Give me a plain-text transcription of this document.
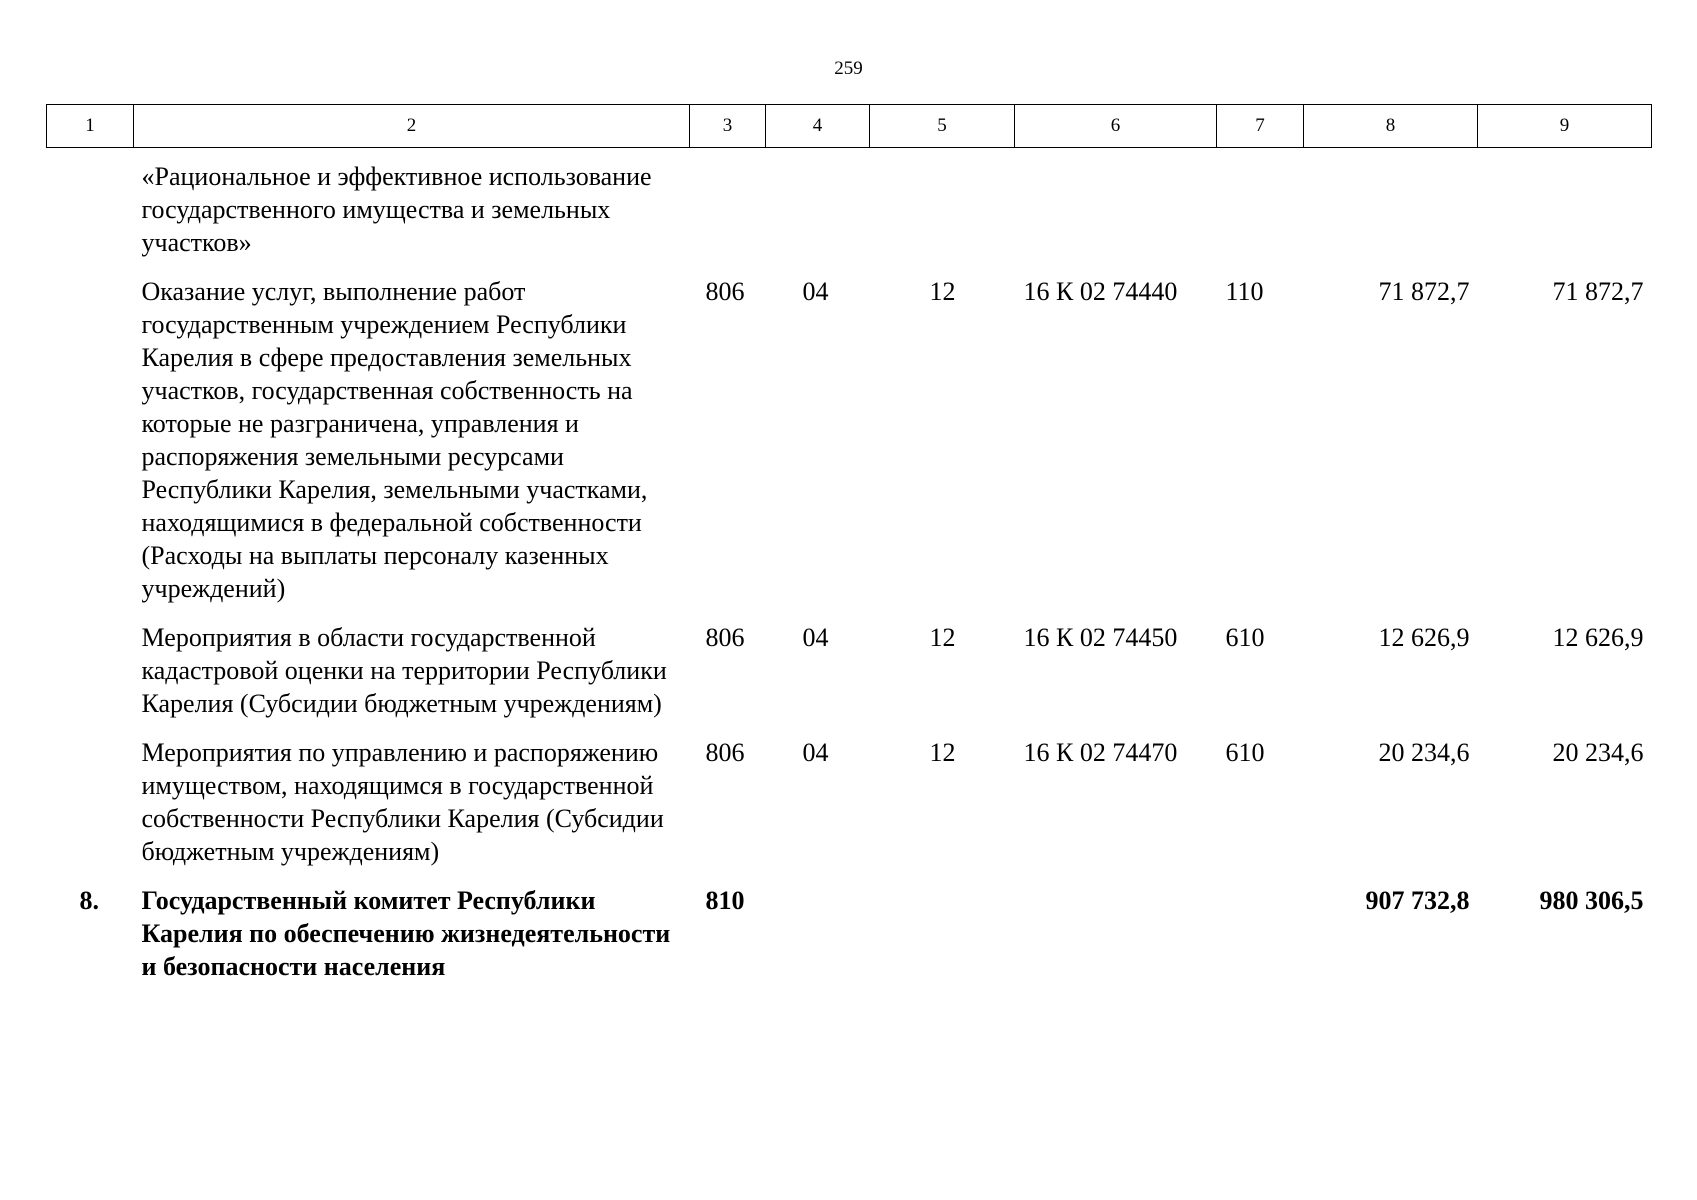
259
1	2	3	4	5	6	7	8	9
	«Рациональное и эффективное использование государственного имущества и земельных участков»							
	Оказание услуг, выполнение работ государственным учреждением Республики Карелия в сфере предоставления земельных участков, государственная собственность на которые не разграничена, управления и распоряжения земельными ресурсами Республики Карелия, земельными участками, находящимися в федеральной собственности (Расходы на выплаты персоналу казенных учреждений)	806	04	12	16 К 02 74440	110	71 872,7	71 872,7
	Мероприятия в области государственной кадастровой оценки на территории Республики Карелия (Субсидии бюджетным учреждениям)	806	04	12	16 К 02 74450	610	12 626,9	12 626,9
	Мероприятия по управлению и распоряжению имуществом, находящимся в государственной собственности Республики Карелия (Субсидии бюджетным учреждениям)	806	04	12	16 К 02 74470	610	20 234,6	20 234,6
8.	Государственный комитет Республики Карелия по обеспечению жизнедеятельности и безопасности населения	810					907 732,8	980 306,5
